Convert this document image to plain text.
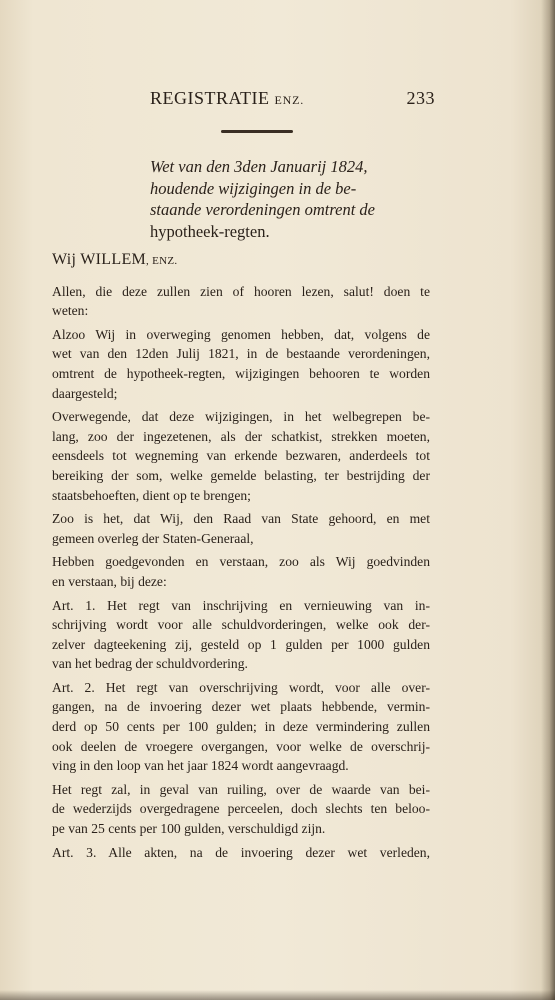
REGISTRATIE ENZ.	233
Wet van den 3den Januarij 1824,
houdende wijzigingen in de be-
staande verordeningen omtrent de
hypotheek-regten.

Wij WILLEM, ENZ.

Allen, die deze zullen zien of hooren lezen, salut! doen te
weten:

Alzoo Wij in overweging genomen hebben, dat, volgens de
wet van den 12den Julij 1821, in de bestaande verordeningen,
omtrent de hypotheek-regten, wijzigingen behooren te worden
daargesteld;

Overwegende, dat deze wijzigingen, in het welbegrepen be-
lang, zoo der ingezetenen, als der schatkist, strekken moeten,
eensdeels tot wegneming van erkende bezwaren, anderdeels tot
bereiking der som, welke gemelde belasting, ter bestrijding der
staatsbehoeften, dient op te brengen;

Zoo is het, dat Wij, den Raad van State gehoord, en met
gemeen overleg der Staten-Generaal,

Hebben goedgevonden en verstaan, zoo als Wij goedvinden
en verstaan, bij deze:

Art. 1. Het regt van inschrijving en vernieuwing van in-
schrijving wordt voor alle schuldvorderingen, welke ook der-
zelver dagteekening zij, gesteld op 1 gulden per 1000 gulden
van het bedrag der schuldvordering.

Art. 2. Het regt van overschrijving wordt, voor alle over-
gangen, na de invoering dezer wet plaats hebbende, vermin-
derd op 50 cents per 100 gulden; in deze vermindering zullen
ook deelen de vroegere overgangen, voor welke de overschrij-
ving in den loop van het jaar 1824 wordt aangevraagd.

Het regt zal, in geval van ruiling, over de waarde van bei-
de wederzijds overgedragene perceelen, doch slechts ten beloo-
pe van 25 cents per 100 gulden, verschuldigd zijn.

Art. 3. Alle akten, na de invoering dezer wet verleden,
